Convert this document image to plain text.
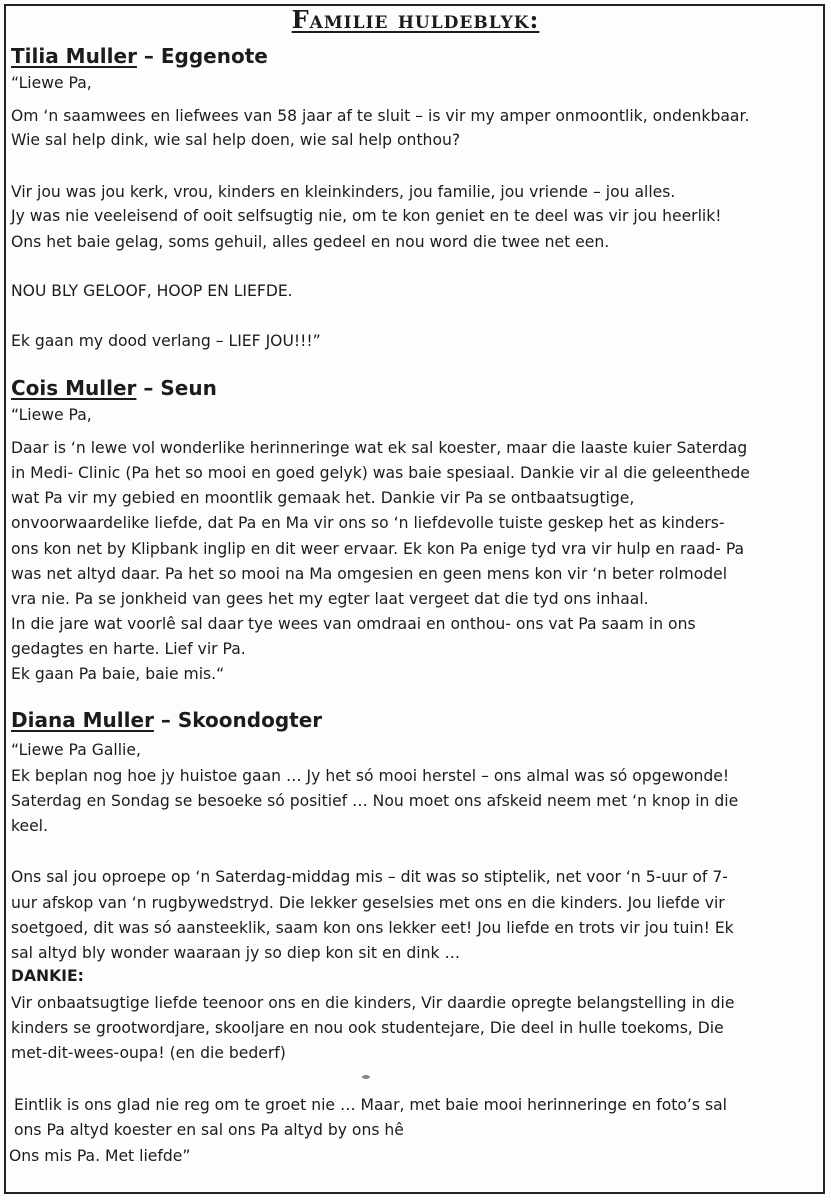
Familie huldeblyk:
Tilia Muller – Eggenote
“Liewe Pa,
Om ‘n saamwees en liefwees van 58 jaar af te sluit – is vir my amper onmoontlik, ondenkbaar.
Wie sal help dink, wie sal help doen, wie sal help onthou?
Vir jou was jou kerk, vrou, kinders en kleinkinders, jou familie, jou vriende – jou alles.
Jy was nie veeleisend of ooit selfsugtig nie, om te kon geniet en te deel was vir jou heerlik!
Ons het baie gelag, soms gehuil, alles gedeel en nou word die twee net een.
NOU BLY GELOOF, HOOP EN LIEFDE.
Ek gaan my dood verlang – LIEF JOU!!!”
Cois Muller – Seun
“Liewe Pa,
Daar is ‘n lewe vol wonderlike herinneringe wat ek sal koester, maar die laaste kuier Saterdag
in Medi- Clinic (Pa het so mooi en goed gelyk) was baie spesiaal. Dankie vir al die geleenthede
wat Pa vir my gebied en moontlik gemaak het. Dankie vir Pa se ontbaatsugtige,
onvoorwaardelike liefde, dat Pa en Ma vir ons so ‘n liefdevolle tuiste geskep het as kinders-
ons kon net by Klipbank inglip en dit weer ervaar. Ek kon Pa enige tyd vra vir hulp en raad- Pa
was net altyd daar. Pa het so mooi na Ma omgesien en geen mens kon vir ‘n beter rolmodel
vra nie. Pa se jonkheid van gees het my egter laat vergeet dat die tyd ons inhaal.
In die jare wat voorlê sal daar tye wees van omdraai en onthou- ons vat Pa saam in ons
gedagtes en harte. Lief vir Pa.
Ek gaan Pa baie, baie mis.“
Diana Muller – Skoondogter
“Liewe Pa Gallie,
Ek beplan nog hoe jy huistoe gaan … Jy het só mooi herstel – ons almal was só opgewonde!
Saterdag en Sondag se besoeke só positief … Nou moet ons afskeid neem met ‘n knop in die
keel.
Ons sal jou oproepe op ‘n Saterdag-middag mis – dit was so stiptelik, net voor ‘n 5-uur of 7-
uur afskop van ‘n rugbywedstryd. Die lekker geselsies met ons en die kinders. Jou liefde vir
soetgoed, dit was só aansteeklik, saam kon ons lekker eet! Jou liefde en trots vir jou tuin! Ek
sal altyd bly wonder waaraan jy so diep kon sit en dink …
DANKIE:
Vir onbaatsugtige liefde teenoor ons en die kinders, Vir daardie opregte belangstelling in die
kinders se grootwordjare, skooljare en nou ook studentejare, Die deel in hulle toekoms, Die
met-dit-wees-oupa! (en die bederf)
Eintlik is ons glad nie reg om te groet nie … Maar, met baie mooi herinneringe en foto’s sal
ons Pa altyd koester en sal ons Pa altyd by ons hê
Ons mis Pa. Met liefde”
